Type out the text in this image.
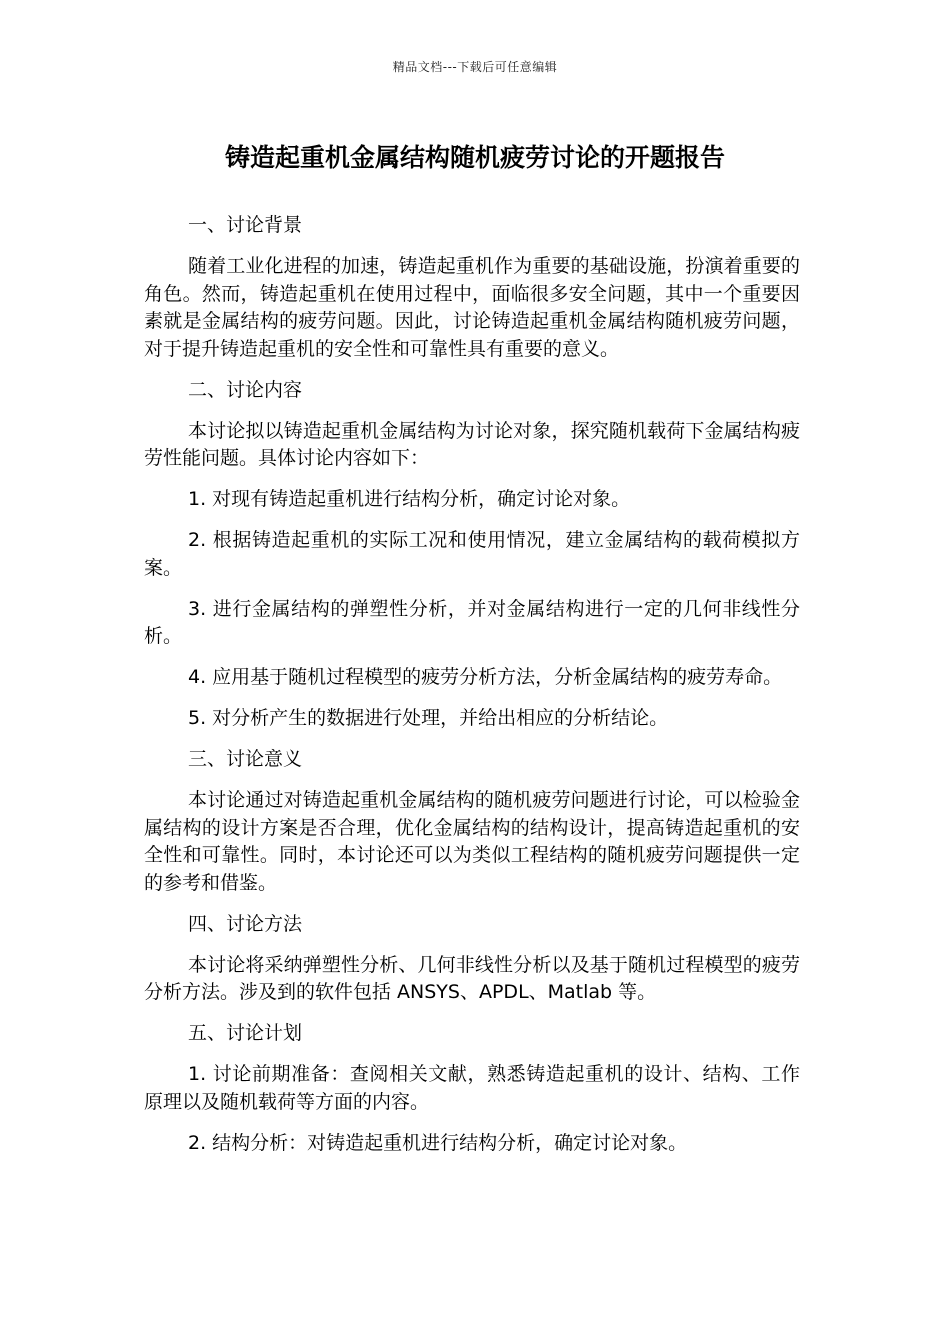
精品文档---下载后可任意编辑
铸造起重机金属结构随机疲劳讨论的开题报告

一、讨论背景

随着工业化进程的加速，铸造起重机作为重要的基础设施，扮演着重要的角色。然而，铸造起重机在使用过程中，面临很多安全问题，其中一个重要因素就是金属结构的疲劳问题。因此，讨论铸造起重机金属结构随机疲劳问题，对于提升铸造起重机的安全性和可靠性具有重要的意义。

二、讨论内容

本讨论拟以铸造起重机金属结构为讨论对象，探究随机载荷下金属结构疲劳性能问题。具体讨论内容如下：

1. 对现有铸造起重机进行结构分析，确定讨论对象。

2. 根据铸造起重机的实际工况和使用情况，建立金属结构的载荷模拟方案。

3. 进行金属结构的弹塑性分析，并对金属结构进行一定的几何非线性分析。

4. 应用基于随机过程模型的疲劳分析方法，分析金属结构的疲劳寿命。

5. 对分析产生的数据进行处理，并给出相应的分析结论。

三、讨论意义

本讨论通过对铸造起重机金属结构的随机疲劳问题进行讨论，可以检验金属结构的设计方案是否合理，优化金属结构的结构设计，提高铸造起重机的安全性和可靠性。同时，本讨论还可以为类似工程结构的随机疲劳问题提供一定的参考和借鉴。

四、讨论方法

本讨论将采纳弹塑性分析、几何非线性分析以及基于随机过程模型的疲劳分析方法。涉及到的软件包括 ANSYS、APDL、Matlab 等。

五、讨论计划

1. 讨论前期准备：查阅相关文献，熟悉铸造起重机的设计、结构、工作原理以及随机载荷等方面的内容。

2. 结构分析：对铸造起重机进行结构分析，确定讨论对象。
